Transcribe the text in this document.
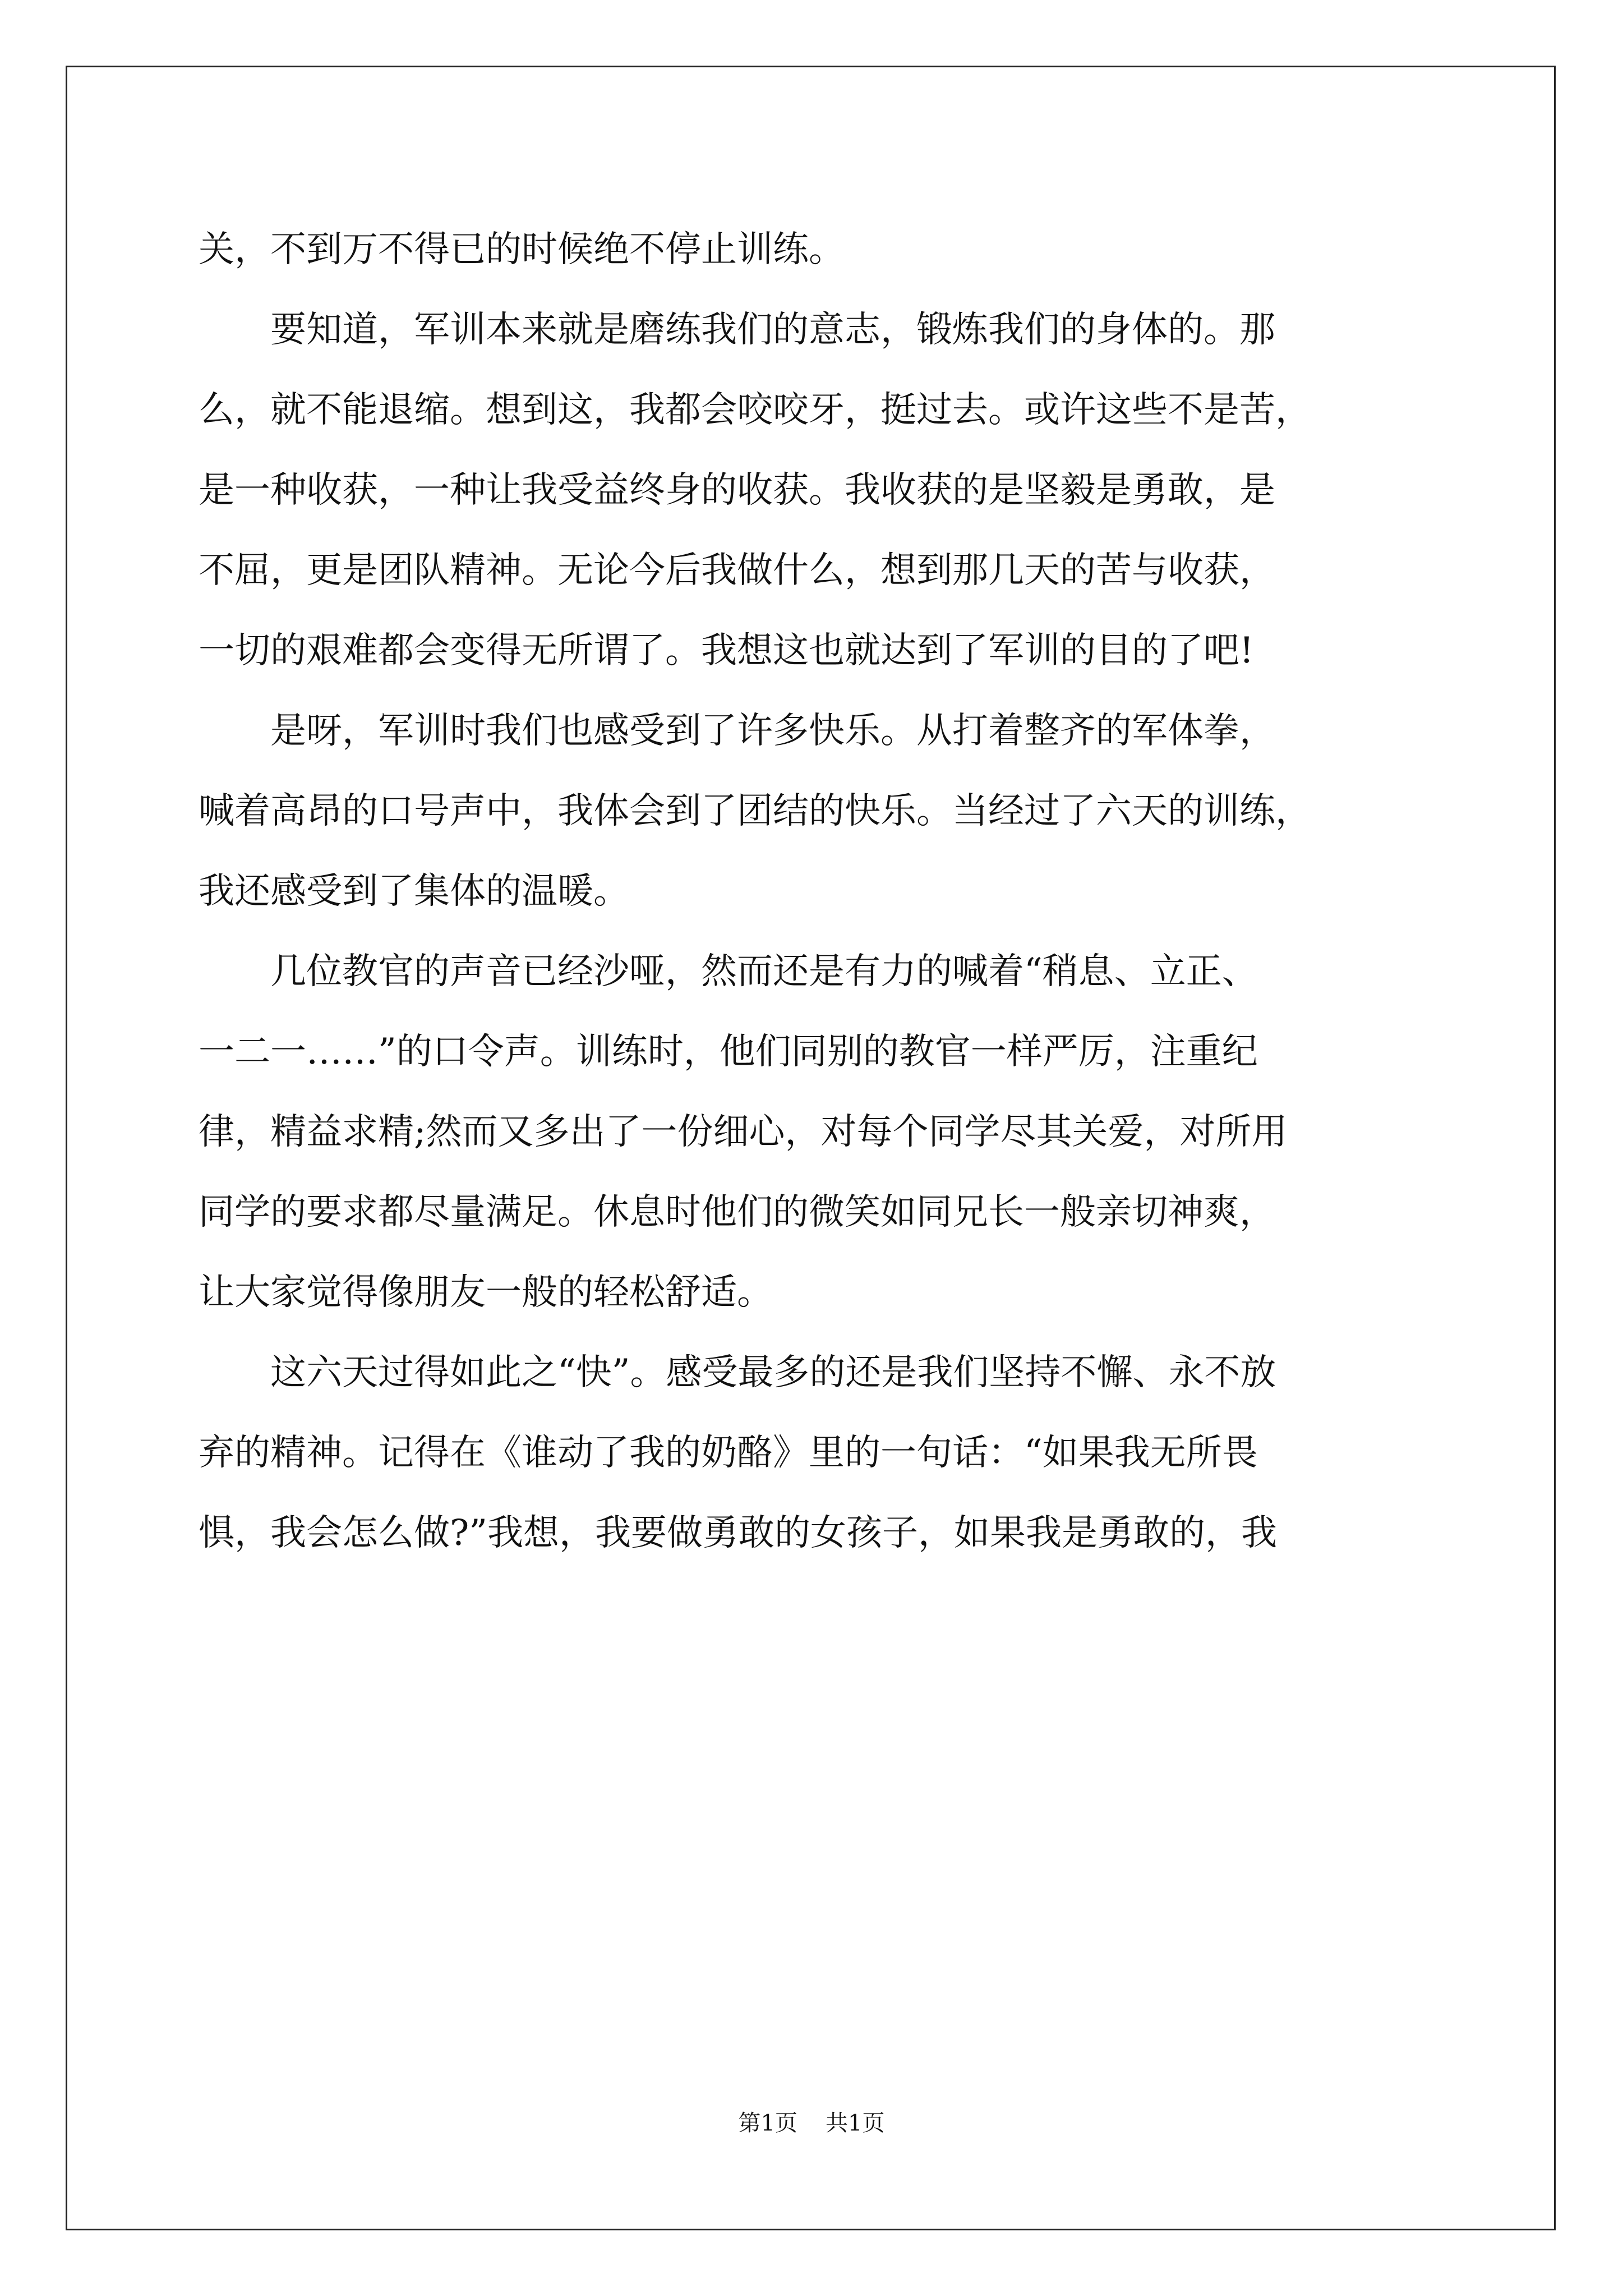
关，不到万不得已的时候绝不停止训练。
　　要知道，军训本来就是磨练我们的意志，锻炼我们的身体的。那
么，就不能退缩。想到这，我都会咬咬牙，挺过去。或许这些不是苦，
是一种收获，一种让我受益终身的收获。我收获的是坚毅是勇敢，是
不屈，更是团队精神。无论今后我做什么，想到那几天的苦与收获，
一切的艰难都会变得无所谓了。我想这也就达到了军训的目的了吧!
　　是呀，军训时我们也感受到了许多快乐。从打着整齐的军体拳，
喊着高昂的口号声中，我体会到了团结的快乐。当经过了六天的训练，
我还感受到了集体的温暖。
　　几位教官的声音已经沙哑，然而还是有力的喊着“稍息、立正、
一二一……”的口令声。训练时，他们同别的教官一样严厉，注重纪
律，精益求精;然而又多出了一份细心，对每个同学尽其关爱，对所用
同学的要求都尽量满足。休息时他们的微笑如同兄长一般亲切神爽，
让大家觉得像朋友一般的轻松舒适。
　　这六天过得如此之“快”。感受最多的还是我们坚持不懈、永不放
弃的精神。记得在《谁动了我的奶酪》里的一句话：“如果我无所畏
惧，我会怎么做?”我想，我要做勇敢的女孩子，如果我是勇敢的，我
第1页 共1页
